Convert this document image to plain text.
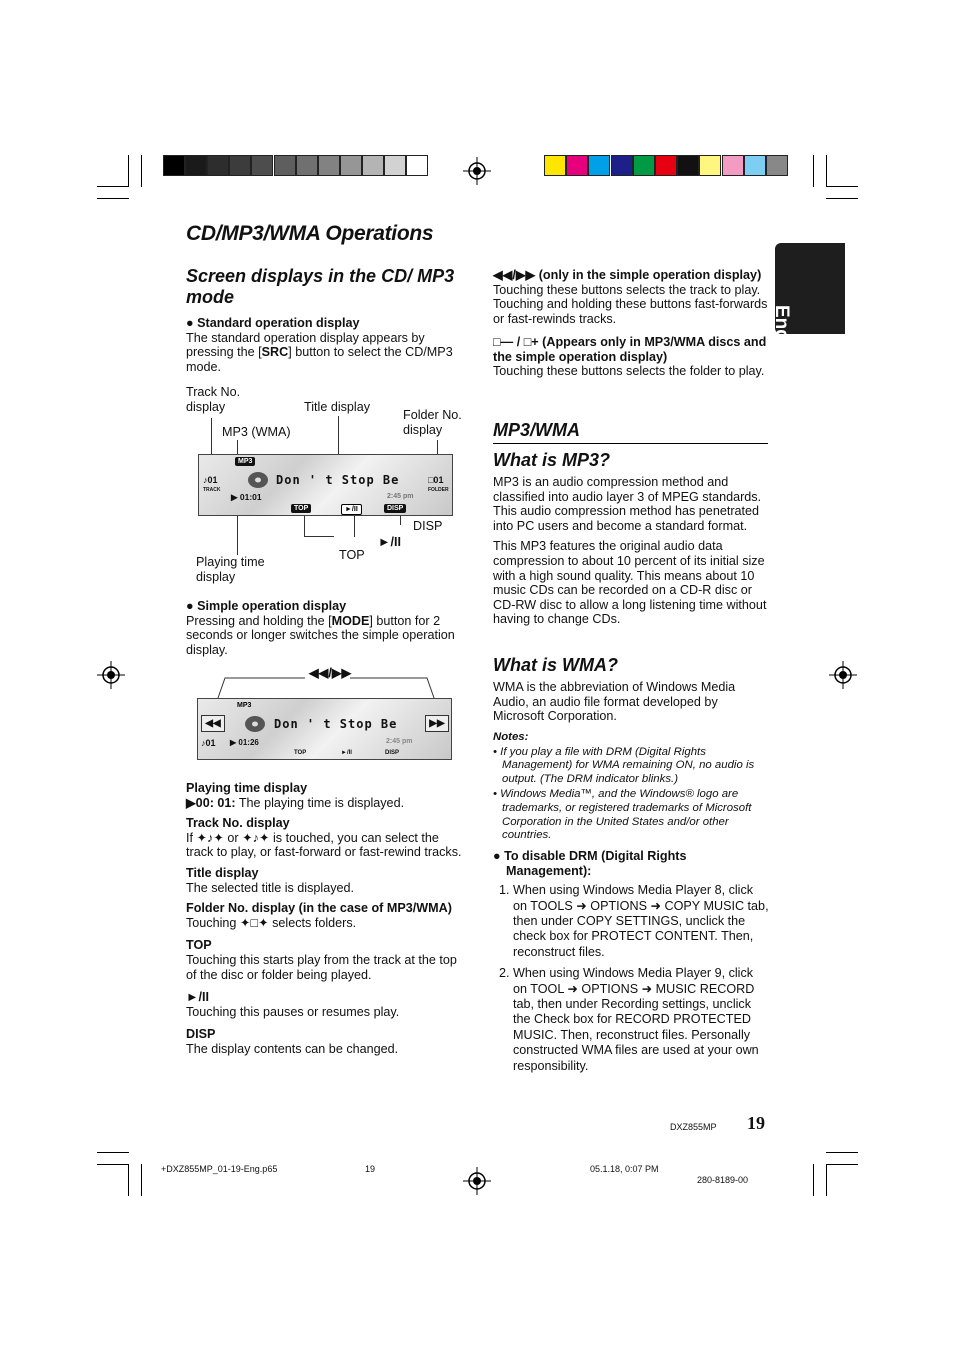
CD/MP3/WMA Operations
English
Screen displays in the CD/ MP3 mode
● Standard operation display
The standard operation display appears by pressing the [SRC] button to select the CD/MP3 mode.
Track No. display	Title display
Folder No. display
MP3 (WMA)
DISP
TOP
►/II
Playing time display
MP3
♪01
TRACK
Don ' t Stop Be
▶ 01:01	2:45 pm
□01
FOLDER
TOP	►/II	DISP
● Simple operation display
Pressing and holding the [MODE] button for 2 seconds or longer switches the simple operation display.
◀◀/▶▶
MP3
◀◀	▶▶
Don ' t Stop Be
♪01 ▶ 01:26	2:45 pm
TOP	►/II	DISP
Playing time display
▶00: 01: The playing time is displayed.
Track No. display
If ✦♪✦ or ✦♪✦ is touched, you can select the track to play, or fast-forward or fast-rewind tracks.
Title display
The selected title is displayed.
Folder No. display (in the case of MP3/WMA)
Touching ✦□✦ selects folders.
TOP
Touching this starts play from the track at the top of the disc or folder being played.
►/II
Touching this pauses or resumes play.
DISP
The display contents can be changed.
◀◀/▶▶ (only in the simple operation display)
Touching these buttons selects the track to play. Touching and holding these buttons fast-forwards or fast-rewinds tracks.
□— / □+ (Appears only in MP3/WMA discs and the simple operation display)
Touching these buttons selects the folder to play.
MP3/WMA
What is MP3?
MP3 is an audio compression method and classified into audio layer 3 of MPEG standards. This audio compression method has penetrated into PC users and become a standard format.
This MP3 features the original audio data compression to about 10 percent of its initial size with a high sound quality. This means about 10 music CDs can be recorded on a CD-R disc or CD-RW disc to allow a long listening time without having to change CDs.
What is WMA?
WMA is the abbreviation of Windows Media Audio, an audio file format developed by Microsoft Corporation.
Notes:
• If you play a file with DRM (Digital Rights Management) for WMA remaining ON, no audio is output. (The DRM indicator blinks.)
• Windows Media™, and the Windows® logo are trademarks, or registered trademarks of Microsoft Corporation in the United States and/or other countries.
● To disable DRM (Digital Rights Management):
1. When using Windows Media Player 8, click on TOOLS ➜ OPTIONS ➜ COPY MUSIC tab, then under COPY SETTINGS, unclick the check box for PROTECT CONTENT. Then, reconstruct files.
2. When using Windows Media Player 9, click on TOOL ➜ OPTIONS ➜ MUSIC RECORD tab, then under Recording settings, unclick the Check box for RECORD PROTECTED MUSIC. Then, reconstruct files. Personally constructed WMA files are used at your own responsibility.
DXZ855MP 19
+DXZ855MP_01-19-Eng.p65	19	05.1.18, 0:07 PM
280-8189-00
